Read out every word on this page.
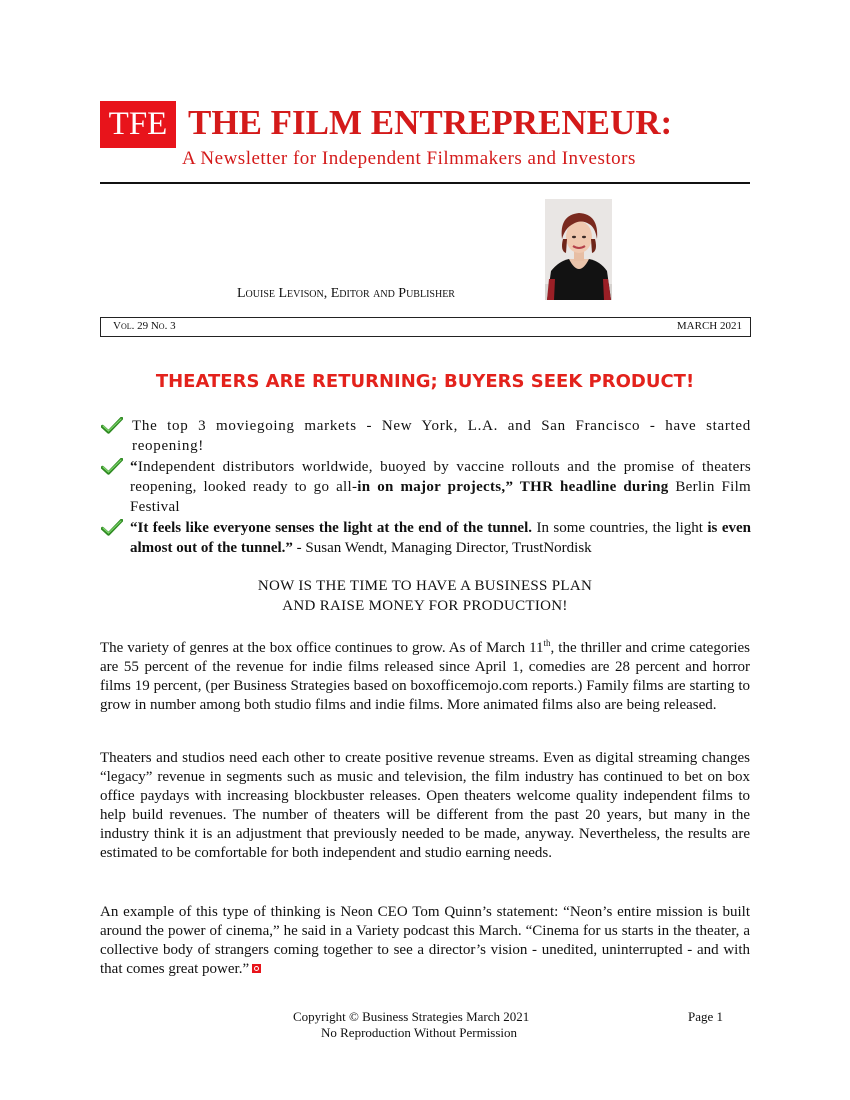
TFE THE FILM ENTREPRENEUR:
A Newsletter for Independent Filmmakers and Investors
Louise Levison, Editor and Publisher
Vol. 29 No. 3	MARCH 2021
THEATERS ARE RETURNING; BUYERS SEEK PRODUCT!
The top 3 moviegoing markets - New York, L.A. and San Francisco - have started reopening!
“Independent distributors worldwide, buoyed by vaccine rollouts and the promise of theaters reopening, looked ready to go all-in on major projects,” THR headline during Berlin Film Festival
“It feels like everyone senses the light at the end of the tunnel. In some countries, the light is even almost out of the tunnel.” - Susan Wendt, Managing Director, TrustNordisk
NOW IS THE TIME TO HAVE A BUSINESS PLAN
AND RAISE MONEY FOR PRODUCTION!
The variety of genres at the box office continues to grow. As of March 11th, the thriller and crime categories are 55 percent of the revenue for indie films released since April 1, comedies are 28 percent and horror films 19 percent, (per Business Strategies based on boxofficemojo.com reports.) Family films are starting to grow in number among both studio films and indie films. More animated films also are being released.
Theaters and studios need each other to create positive revenue streams. Even as digital streaming changes “legacy” revenue in segments such as music and television, the film industry has continued to bet on box office paydays with increasing blockbuster releases. Open theaters welcome quality independent films to help build revenues. The number of theaters will be different from the past 20 years, but many in the industry think it is an adjustment that previously needed to be made, anyway. Nevertheless, the results are estimated to be comfortable for both independent and studio earning needs.
An example of this type of thinking is Neon CEO Tom Quinn’s statement: “Neon’s entire mission is built around the power of cinema,” he said in a Variety podcast this March. “Cinema for us starts in the theater, a collective body of strangers coming together to see a director’s vision - unedited, uninterrupted - and with that comes great power.”
Copyright © Business Strategies March 2021
No Reproduction Without Permission
Page 1
